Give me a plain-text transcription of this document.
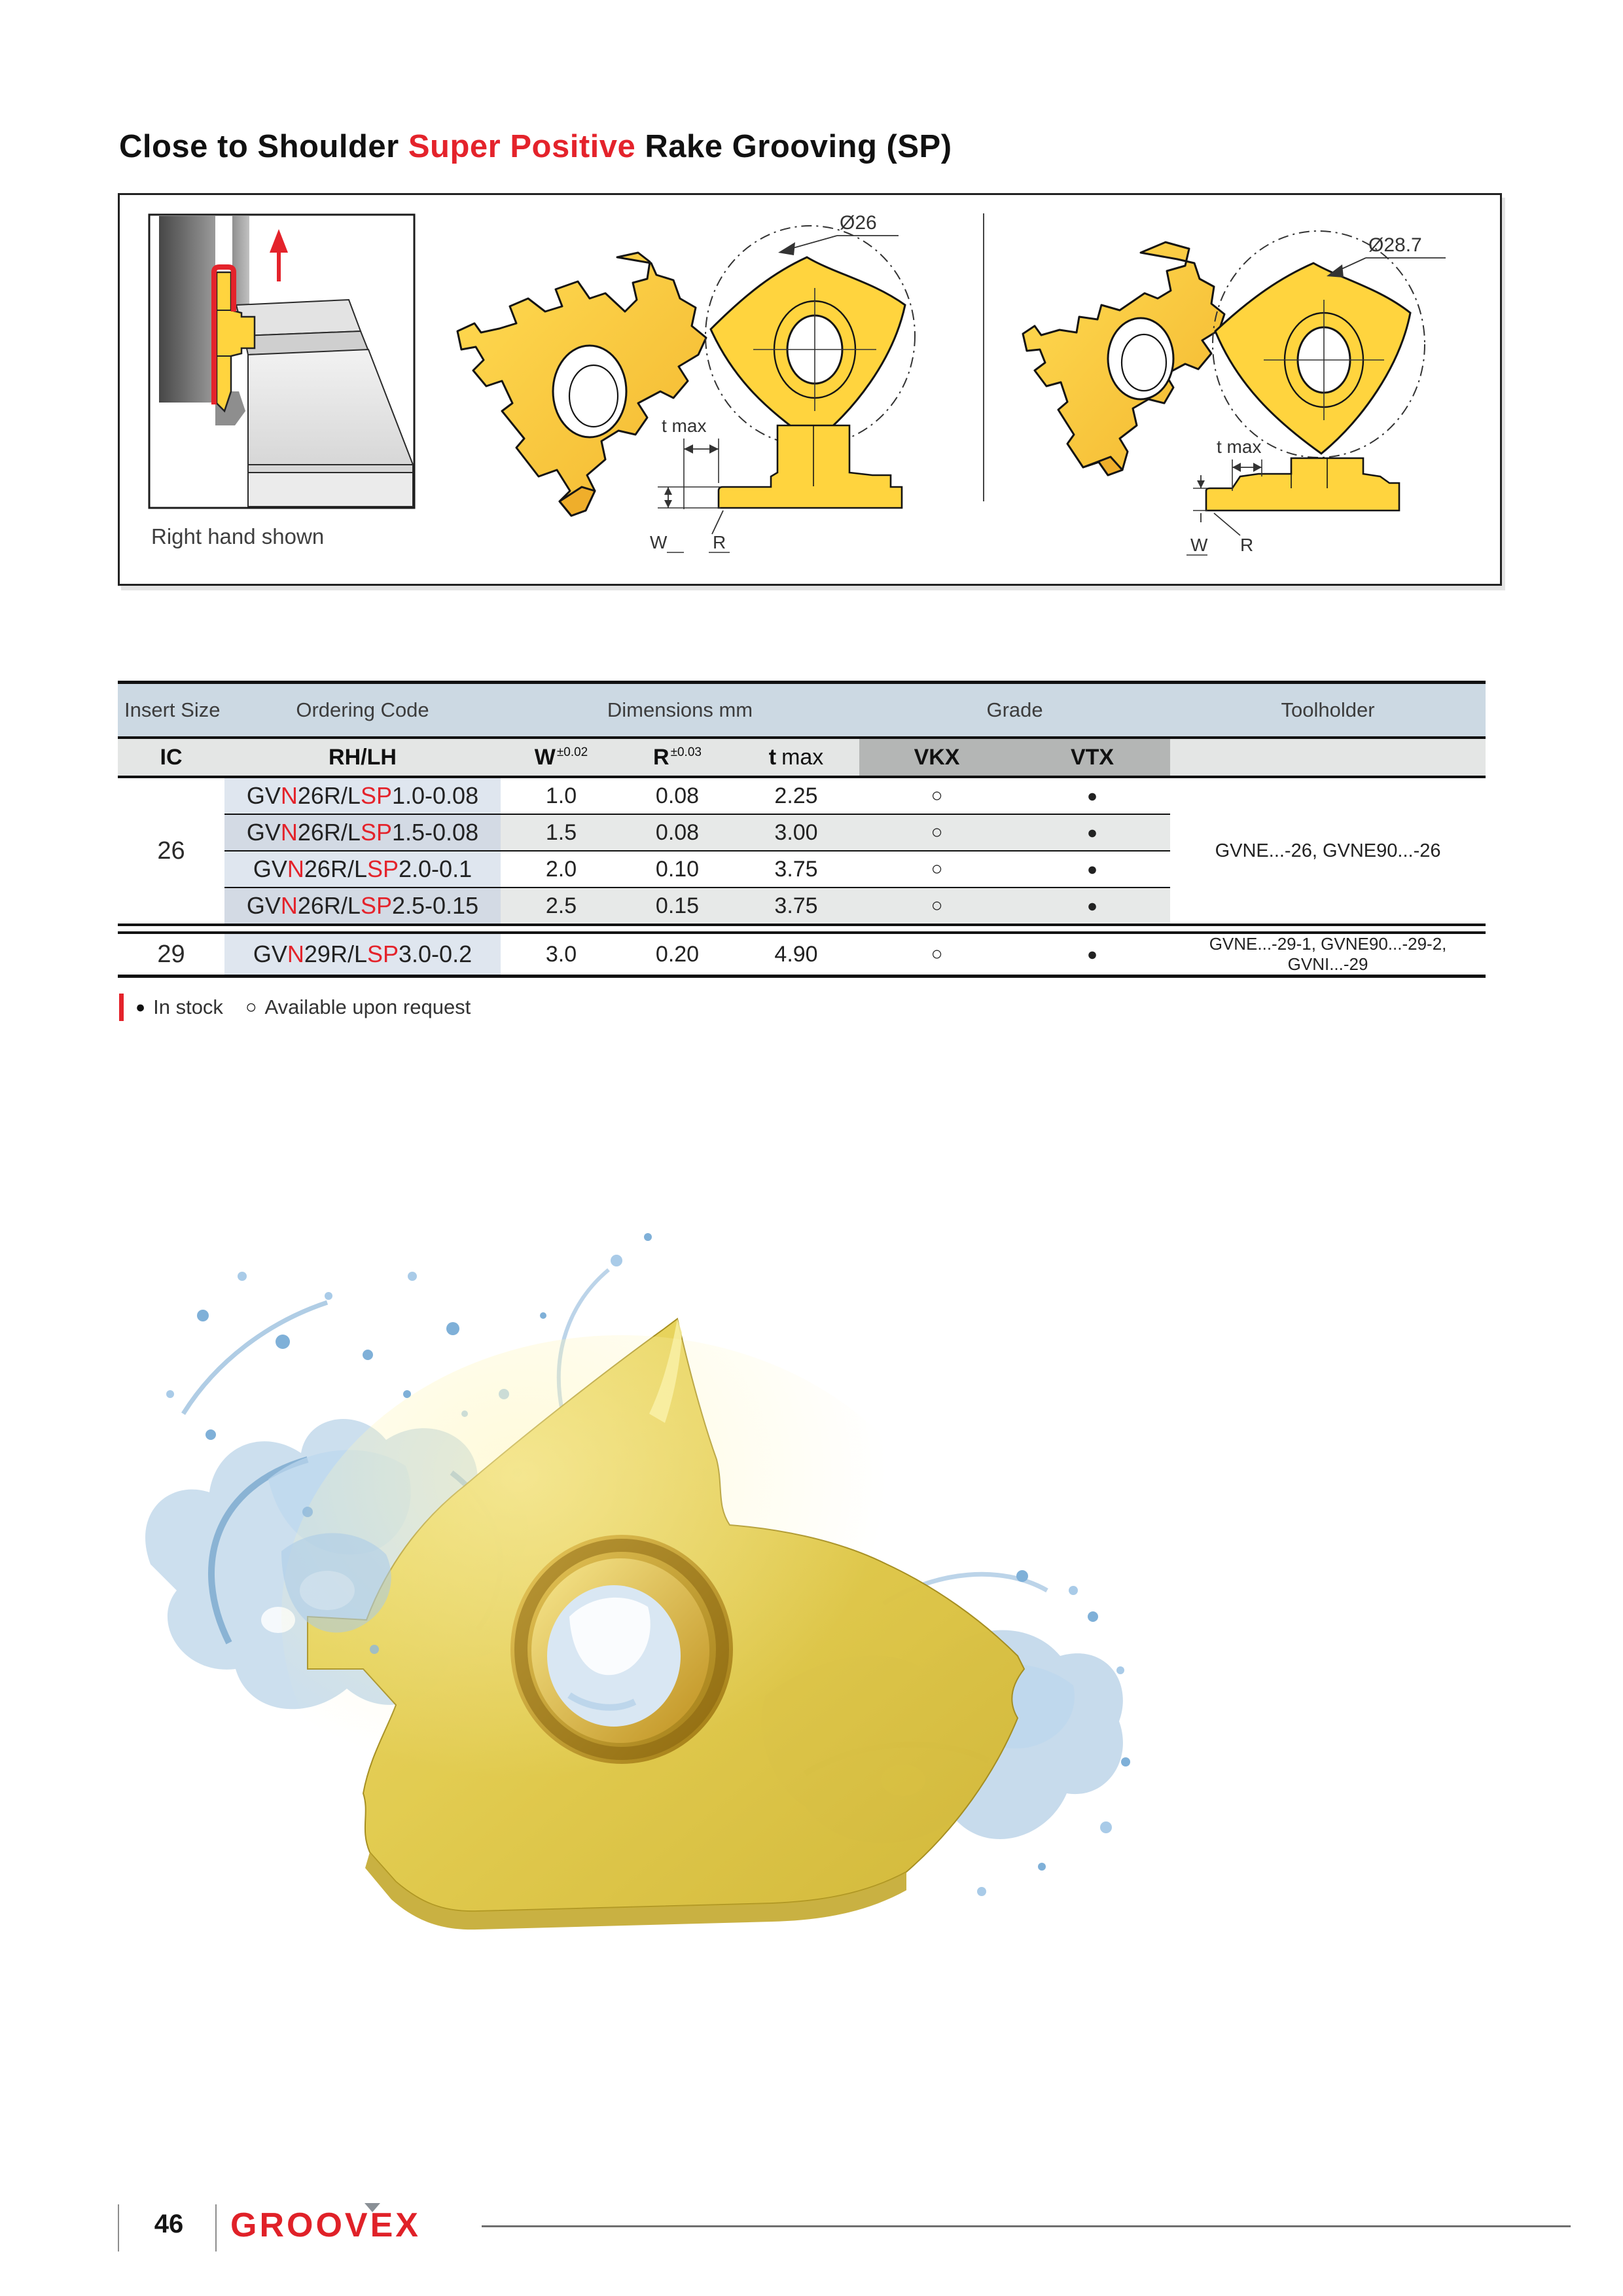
Close to Shoulder Super Positive Rake Grooving (SP)
Ø26
t max
W R
Ø28.7
t max
W R
Right hand shown
Insert Size	Ordering Code	Dimensions mm			Grade		Toolholder
IC	RH/LH	W $^{\pm 0.02}$	R $^{\pm 0.03}$	t max	VKX	VTX	
26	GVN26R/LSP1.0-0.08	1.0	0.08	2.25	○	●	GVNE...-26, GVNE90...-26
	GVN26R/LSP1.5-0.08	1.5	0.08	3.00	○	●	
	GVN26R/LSP2.0-0.1	2.0	0.10	3.75	○	●	
	GVN26R/LSP2.5-0.15	2.5	0.15	3.75	○	●	

29	GVN29R/LSP3.0-0.2	3.0	0.20	4.90	○	●	GVNE...-29-1, GVNE90...-29-2, GVNI...-29
● In stock ○ Available upon request
46	GROOVEX
